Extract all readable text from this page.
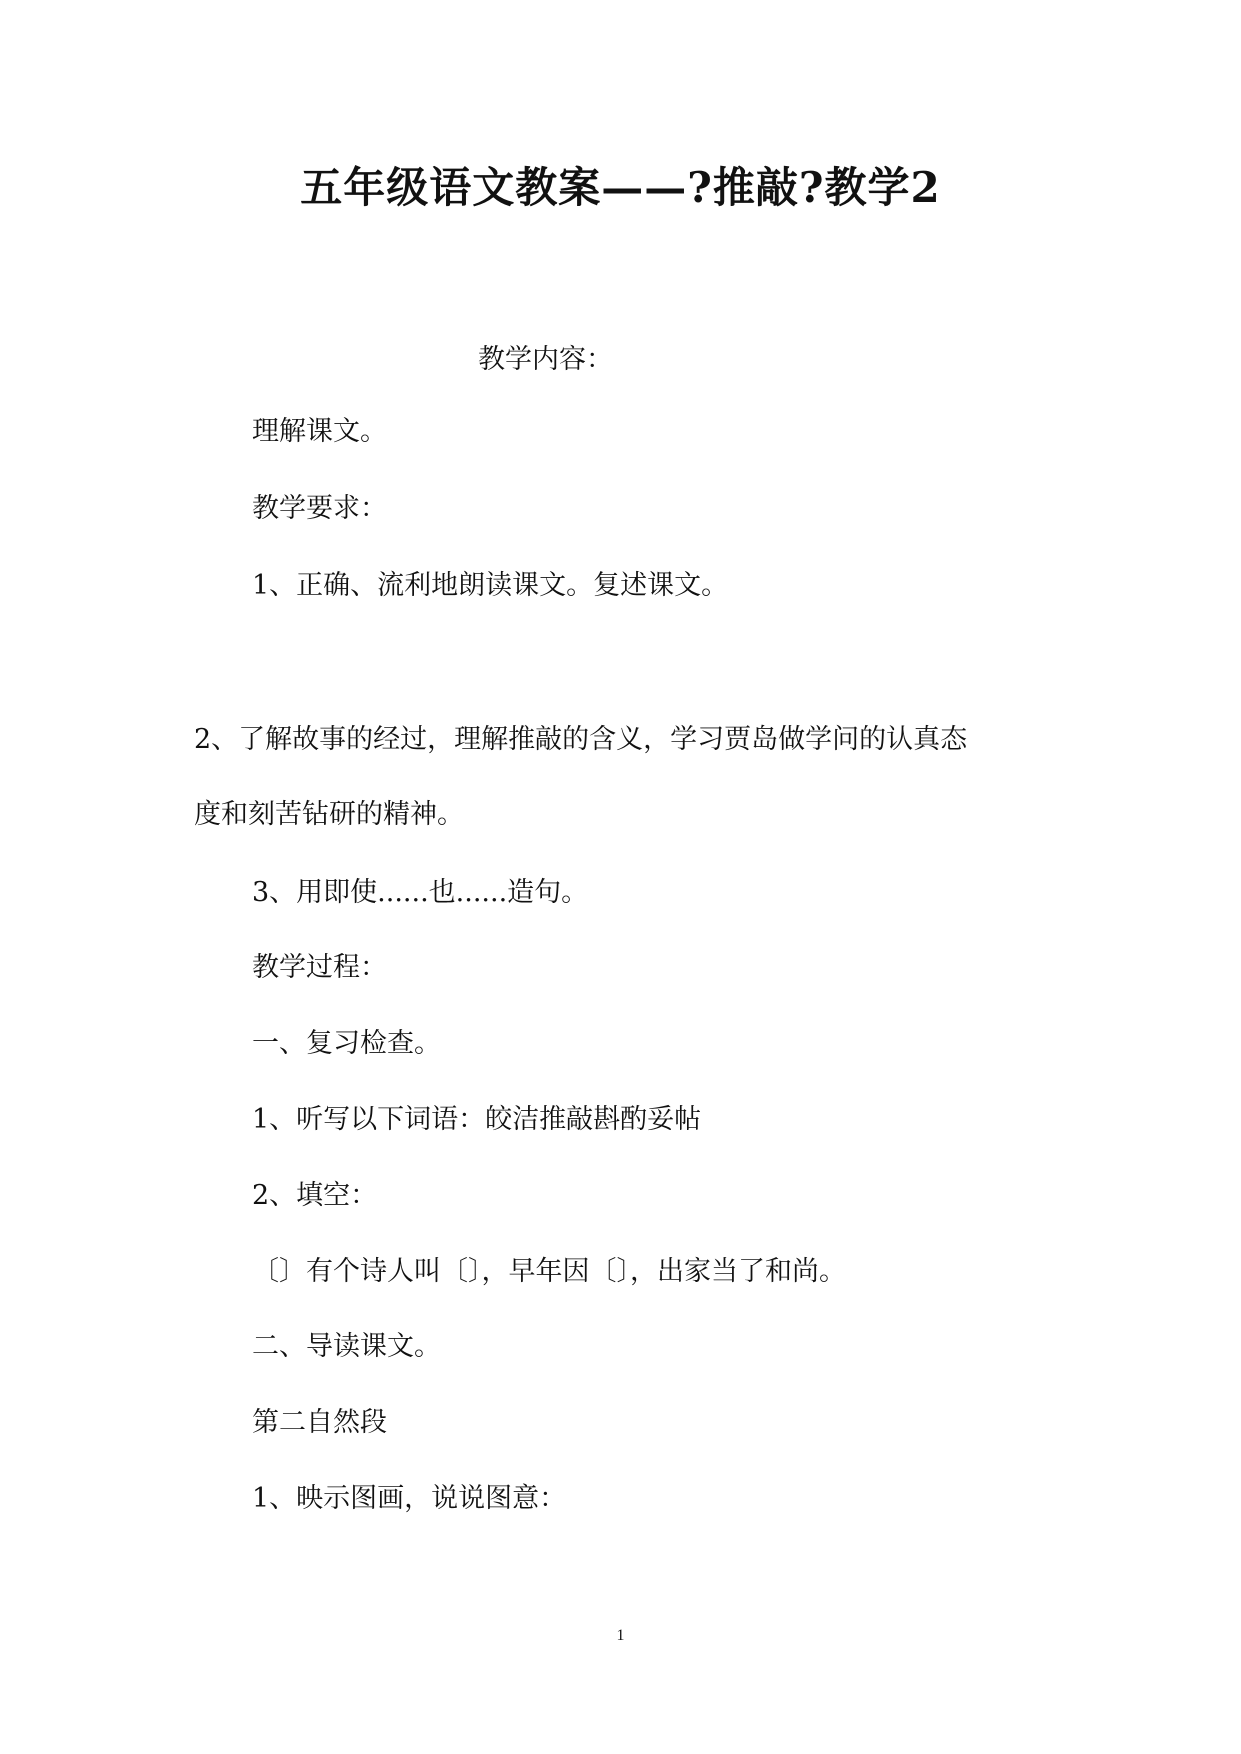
五年级语文教案——?推敲?教学2
教学内容：
理解课文。
教学要求：
1、正确、流利地朗读课文。复述课文。
2、了解故事的经过，理解推敲的含义，学习贾岛做学问的认真态
度和刻苦钻研的精神。
3、用即使......也......造句。
教学过程：
一、复习检查。
1、听写以下词语：皎洁推敲斟酌妥帖
2、填空：
〔〕有个诗人叫〔〕，早年因〔〕，出家当了和尚。
二、导读课文。
第二自然段
1、映示图画，说说图意：
1
